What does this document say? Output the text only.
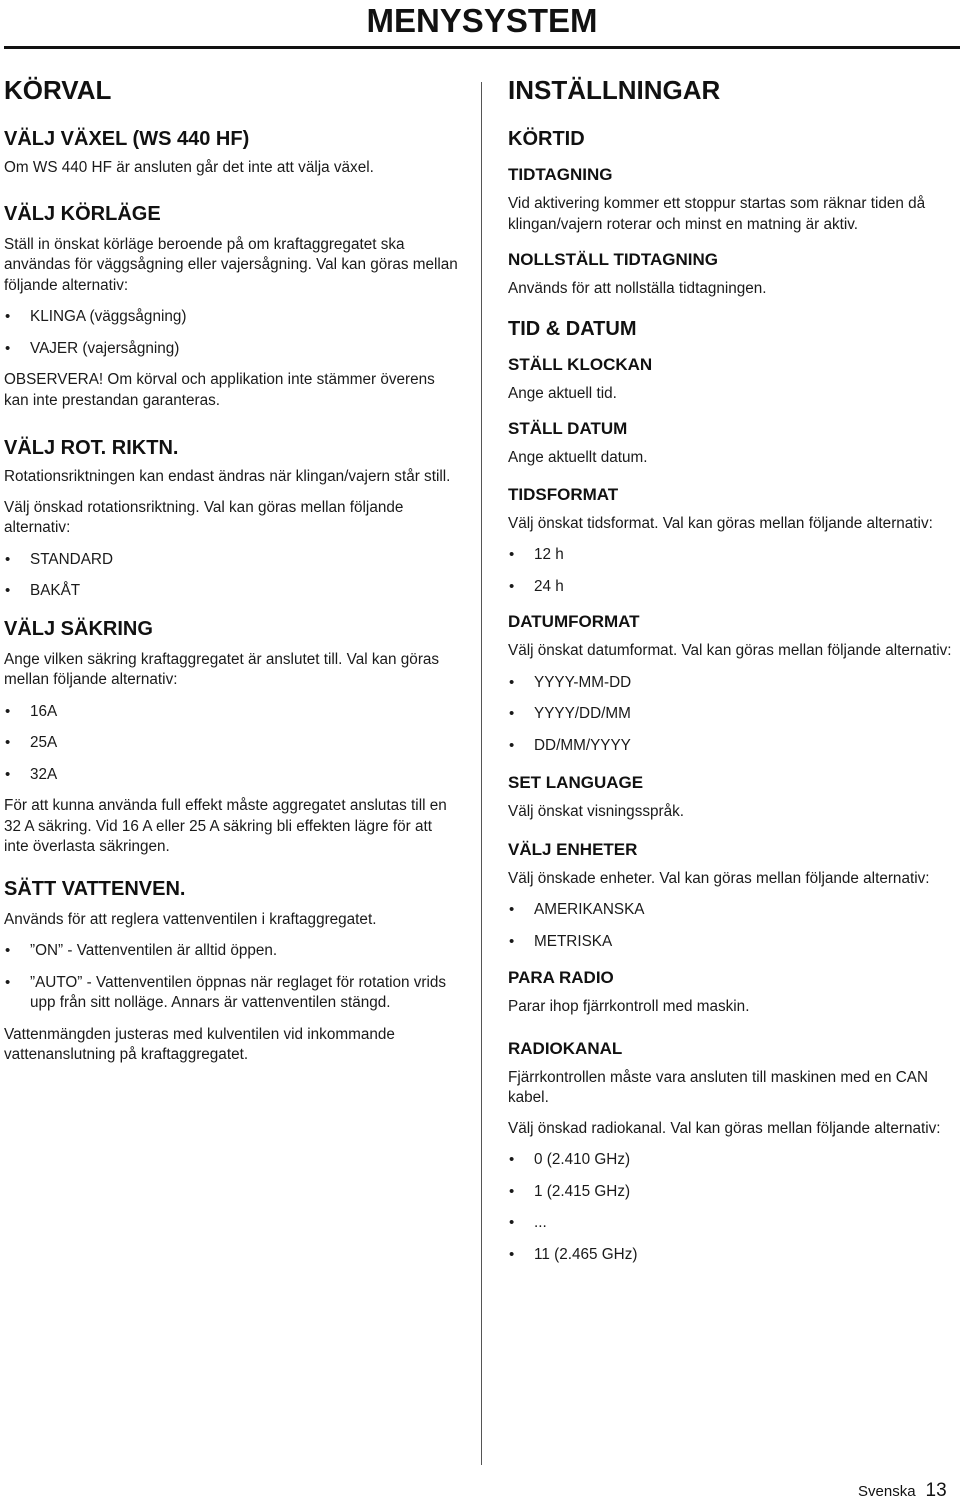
MENYSYSTEM
KÖRVAL
VÄLJ VÄXEL (WS 440 HF)

Om WS 440 HF är ansluten går det inte att välja växel.

VÄLJ KÖRLÄGE

Ställ in önskat körläge beroende på om kraftaggregatet ska användas för väggsågning eller vajersågning. Val kan göras mellan följande alternativ:

• KLINGA (väggsågning)
• VAJER (vajersågning)

OBSERVERA! Om körval och applikation inte stämmer överens kan inte prestandan garanteras.

VÄLJ ROT. RIKTN.

Rotationsriktningen kan endast ändras när klingan/vajern står still.

Välj önskad rotationsriktning. Val kan göras mellan följande alternativ:

• STANDARD
• BAKÅT
VÄLJ SÄKRING

Ange vilken säkring kraftaggregatet är anslutet till. Val kan göras mellan följande alternativ:

• 16A
• 25A
• 32A

För att kunna använda full effekt måste aggregatet anslutas till en 32 A säkring. Vid 16 A eller 25 A säkring bli effekten lägre för att inte överlasta säkringen.

SÄTT VATTENVEN.

Används för att reglera vattenventilen i kraftaggregatet.

• ”ON” - Vattenventilen är alltid öppen.
• ”AUTO” - Vattenventilen öppnas när reglaget för rotation vrids upp från sitt nolläge. Annars är vattenventilen stängd.

Vattenmängden justeras med kulventilen vid inkommande vattenanslutning på kraftaggregatet.

INSTÄLLNINGAR
KÖRTID
TIDTAGNING

Vid aktivering kommer ett stoppur startas som räknar tiden då klingan/vajern roterar och minst en matning är aktiv.

NOLLSTÄLL TIDTAGNING

Används för att nollställa tidtagningen.

TID & DATUM
STÄLL KLOCKAN

Ange aktuell tid.

STÄLL DATUM

Ange aktuellt datum.

TIDSFORMAT

Välj önskat tidsformat. Val kan göras mellan följande alternativ:

• 12 h
• 24 h
DATUMFORMAT

Välj önskat datumformat. Val kan göras mellan följande alternativ:

• YYYY-MM-DD
• YYYY/DD/MM
• DD/MM/YYYY
SET LANGUAGE

Välj önskat visningsspråk.

VÄLJ ENHETER

Välj önskade enheter. Val kan göras mellan följande alternativ:

• AMERIKANSKA
• METRISKA
PARA RADIO

Parar ihop fjärrkontroll med maskin.

RADIOKANAL

Fjärrkontrollen måste vara ansluten till maskinen med en CAN kabel.

Välj önskad radiokanal. Val kan göras mellan följande alternativ:

• 0 (2.410 GHz)
• 1 (2.415 GHz)
• ...
• 11 (2.465 GHz)
Svenska 13
